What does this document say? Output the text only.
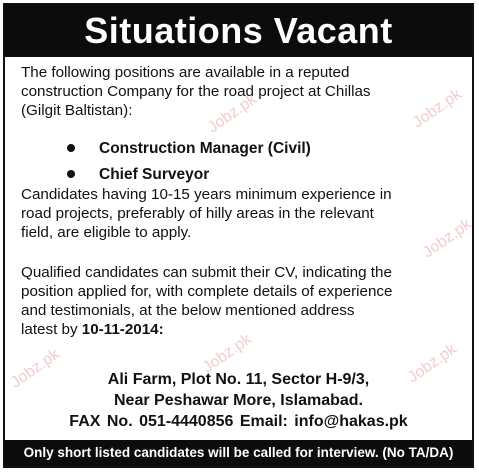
Situations Vacant
The following positions are available in a reputed
construction Company for the road project at Chillas
(Gilgit Baltistan):
Construction Manager (Civil)
Chief Surveyor
Candidates having 10-15 years minimum experience in
road projects, preferably of hilly areas in the relevant
field, are eligible to apply.
Qualified candidates can submit their CV, indicating the
position applied for, with complete details of experience
and testimonials, at the below mentioned address
latest by 10-11-2014:
Ali Farm, Plot No. 11, Sector H-9/3,
Near Peshawar More, Islamabad.
FAX No. 051-4440856 Email: info@hakas.pk
Only short listed candidates will be called for interview. (No TA/DA)
Jobz.pk
Jobz.pk
Jobz.pk
Jobz.pk	Jobz.pk	Jobz.pk
